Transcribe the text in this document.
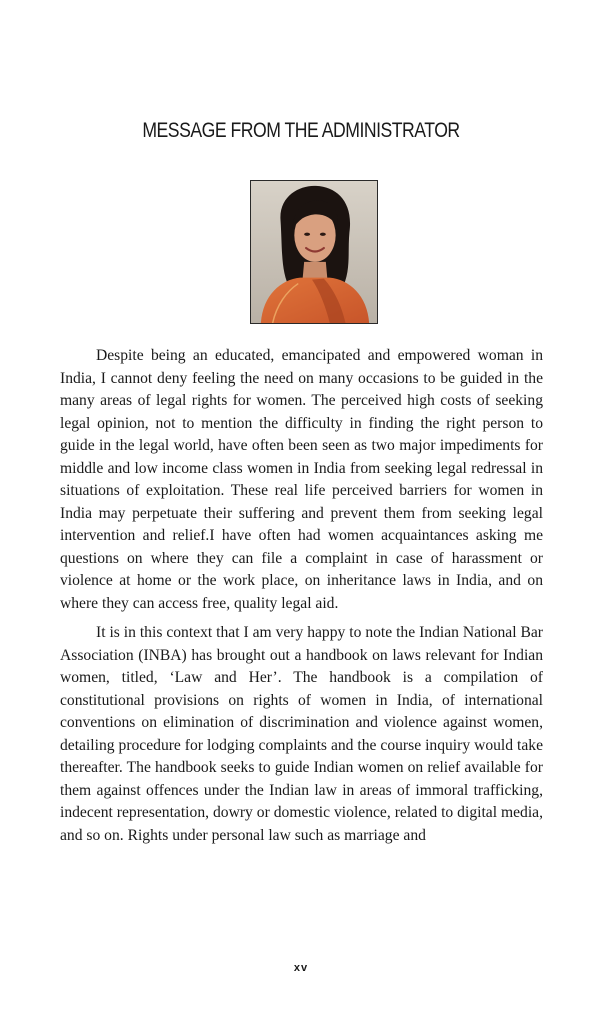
MESSAGE FROM THE ADMINISTRATOR

Despite being an educated, emancipated and empowered woman in India, I cannot deny feeling the need on many occasions to be guided in the many areas of legal rights for women. The perceived high costs of seeking legal opinion, not to mention the difficulty in finding the right person to guide in the legal world, have often been seen as two major impediments for middle and low income class women in India from seeking legal redressal in situations of exploitation. These real life perceived barriers for women in India may perpetuate their suffering and prevent them from seeking legal intervention and relief.I have often had women acquaintances asking me questions on where they can file a complaint in case of harassment or violence at home or the work place, on inheritance laws in India, and on where they can access free, quality legal aid.

It is in this context that I am very happy to note the Indian National Bar Association (INBA) has brought out a handbook on laws relevant for Indian women, titled, ‘Law and Her’. The handbook is a compilation of constitutional provisions on rights of women in India, of international conventions on elimination of discrimination and violence against women, detailing procedure for lodging complaints and the course inquiry would take thereafter. The handbook seeks to guide Indian women on relief available for them against offences under the Indian law in areas of immoral trafficking, indecent representation, dowry or domestic violence, related to digital media, and so on. Rights under personal law such as marriage and

xv
